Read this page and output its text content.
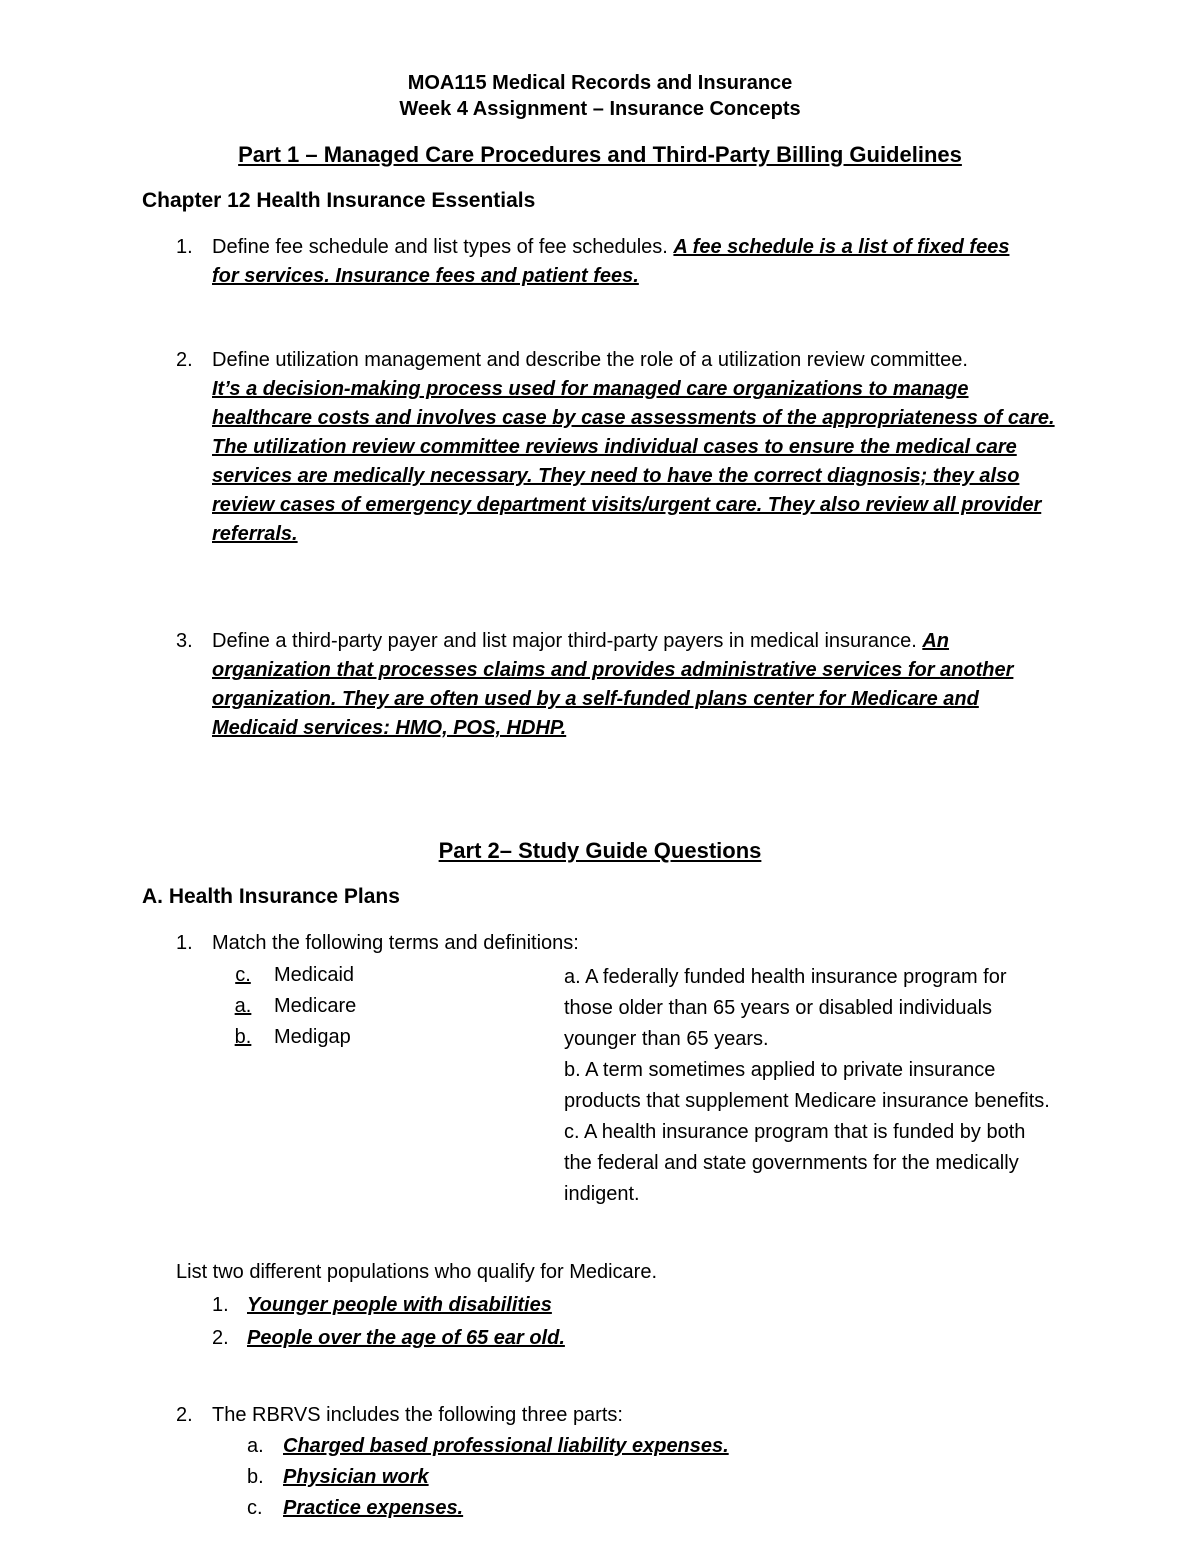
MOA115 Medical Records and Insurance
Week 4 Assignment – Insurance Concepts
Part 1 – Managed Care Procedures and Third-Party Billing Guidelines
Chapter 12 Health Insurance Essentials
1. Define fee schedule and list types of fee schedules. A fee schedule is a list of fixed fees
for services. Insurance fees and patient fees.
2. Define utilization management and describe the role of a utilization review committee.
It’s a decision-making process used for managed care organizations to manage
healthcare costs and involves case by case assessments of the appropriateness of care.
The utilization review committee reviews individual cases to ensure the medical care
services are medically necessary. They need to have the correct diagnosis; they also
review cases of emergency department visits/urgent care. They also review all provider
referrals.
3. Define a third-party payer and list major third-party payers in medical insurance. An
organization that processes claims and provides administrative services for another
organization. They are often used by a self-funded plans center for Medicare and
Medicaid services: HMO, POS, HDHP.
Part 2– Study Guide Questions
A. Health Insurance Plans
1. Match the following terms and definitions:
c. Medicaid
a. Medicare
b. Medigap
a. A federally funded health insurance program for those older than 65 years or disabled individuals younger than 65 years.
b. A term sometimes applied to private insurance products that supplement Medicare insurance benefits.
c. A health insurance program that is funded by both the federal and state governments for the medically indigent.
List two different populations who qualify for Medicare.
1. Younger people with disabilities
2. People over the age of 65 ear old.
2. The RBRVS includes the following three parts:
a. Charged based professional liability expenses.
b. Physician work
c. Practice expenses.
